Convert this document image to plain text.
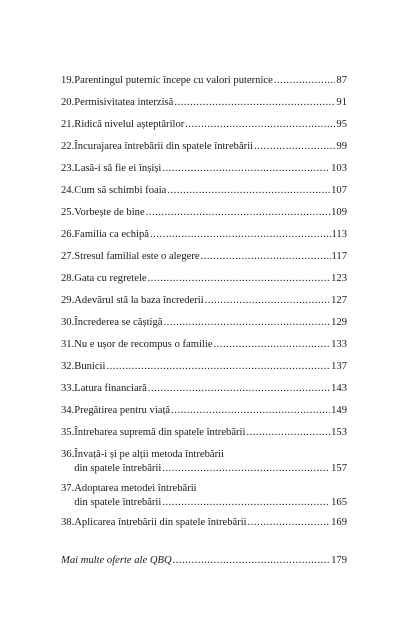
19. Parentingul puternic începe cu valori puternice .....	87
20. Permisivitatea interzisă .....	91
21. Ridică nivelul așteptărilor .....	95
22. Încurajarea întrebării din spatele întrebării .....	99
23. Lasă-i să fie ei înșiși .....	103
24. Cum să schimbi foaia .....	107
25. Vorbește de bine .....	109
26. Familia ca echipă .....	113
27. Stresul familial este o alegere .....	117
28. Gata cu regretele .....	123
29. Adevărul stă la baza încrederii .....	127
30. Încrederea se câștigă .....	129
31. Nu e ușor de recompus o familie .....	133
32. Bunicii .....	137
33. Latura financiară .....	143
34. Pregătirea pentru viață .....	149
35. Întrebarea supremă din spatele întrebării .....	153
36. Învață-i și pe alții metoda întrebării
din spatele întrebării .....	157
37. Adoptarea metodei întrebării
din spatele întrebării .....	165
38. Aplicarea întrebării din spatele întrebării .....	169
Mai multe oferte ale QBQ .....	179
